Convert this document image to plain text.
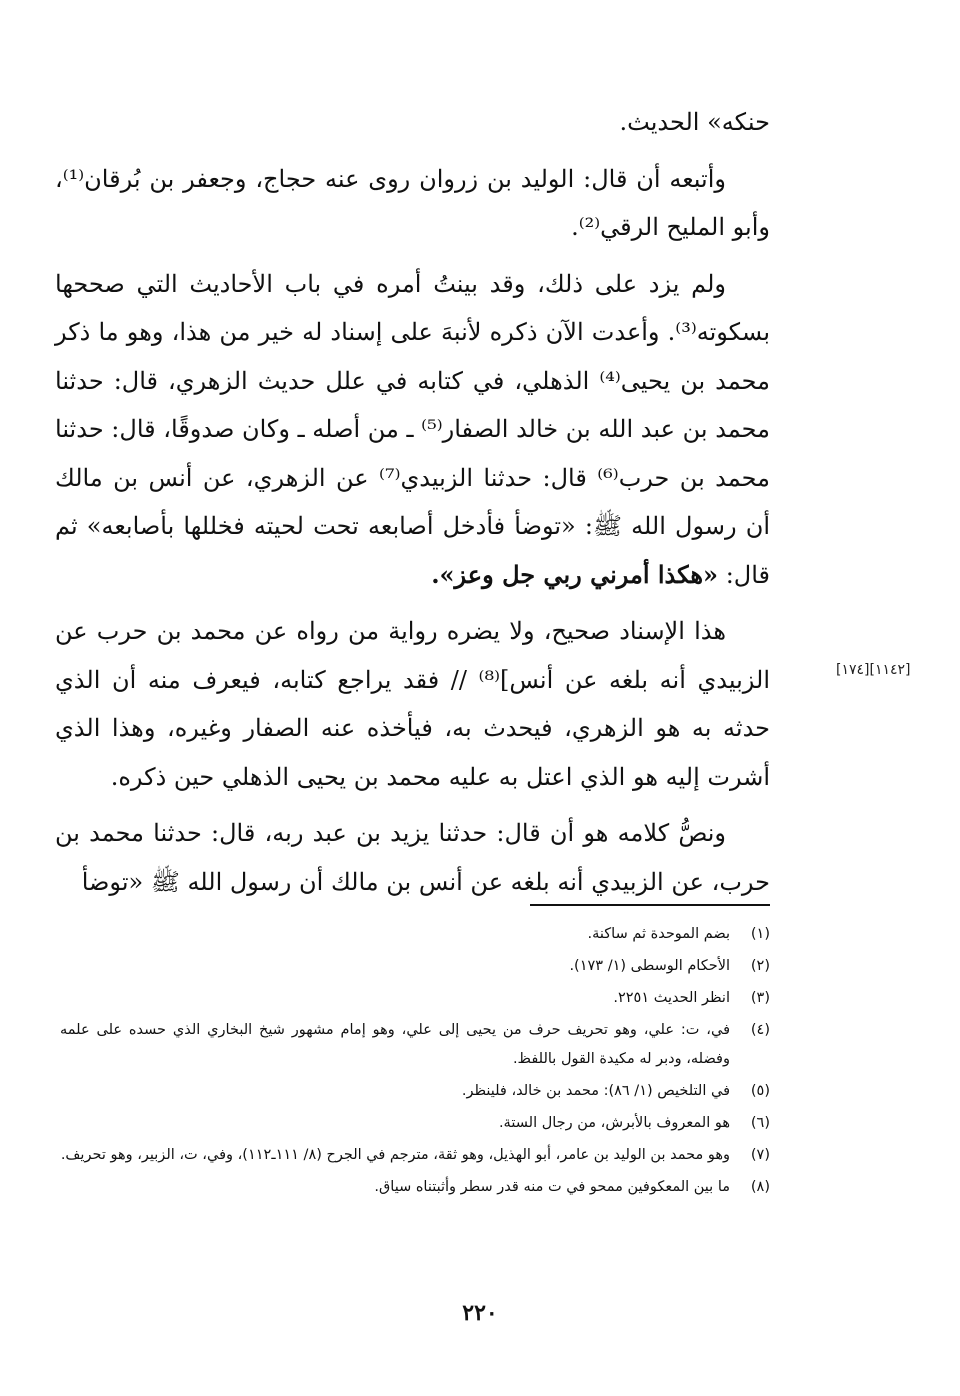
حنكه» الحديث.

وأتبعه أن قال: الوليد بن زروان روى عنه حجاج، وجعفر بن بُرقان⁽¹⁾، وأبو المليح الرقي⁽²⁾.

ولم يزد على ذلك، وقد بينتُ أمره في باب الأحاديث التي صححها بسكوته⁽³⁾. وأعدت الآن ذكره لأنبهَ على إسناد له خير من هذا، وهو ما ذكر محمد بن يحيى⁽⁴⁾ الذهلي، في كتابه في علل حديث الزهري، قال: حدثنا محمد بن عبد الله بن خالد الصفار⁽⁵⁾ ـ من أصله ـ وكان صدوقًا، قال: حدثنا محمد بن حرب⁽⁶⁾ قال: حدثنا الزبيدي⁽⁷⁾ عن الزهري، عن أنس بن مالك أن رسول الله ﷺ: «توضأ فأدخل أصابعه تحت لحيته فخللها بأصابعه» ثم قال: «هكذا أمرني ربي جل وعز».

هذا الإسناد صحيح، ولا يضره رواية من رواه عن محمد بن حرب عن الزبيدي أنه بلغه عن أنس]⁽⁸⁾ // فقد يراجع كتابه، فيعرف منه أن الذي حدثه به هو الزهري، فيحدث به، فيأخذه عنه الصفار وغيره، وهذا الذي أشرت إليه هو الذي اعتل به عليه محمد بن يحيى الذهلي حين ذكره.

ونصُّ كلامه هو أن قال: حدثنا يزيد بن عبد ربه، قال: حدثنا محمد بن حرب، عن الزبيدي أنه بلغه عن أنس بن مالك أن رسول الله ﷺ «توضأ

[١٧٤][١١٤٢]
(١)
بضم الموحدة ثم ساكنة.
(٢)
الأحكام الوسطى (١/ ١٧٣).
(٣)
انظر الحديث ٢٢٥١.
(٤)
في، ت: علي، وهو تحريف حرف من يحيى إلى علي، وهو إمام مشهور شيخ البخاري الذي حسده على علمه وفضله، ودبر له مكيدة القول باللفظ.
(٥)
في التلخيص (١/ ٨٦): محمد بن خالد، فلينظر.
(٦)
هو المعروف بالأبرش، من رجال الستة.
(٧)
وهو محمد بن الوليد بن عامر، أبو الهذيل، وهو ثقة، مترجم في الجرح (٨/ ١١١ـ١١٢)، وفي، ت، الزبير، وهو تحريف.
(٨)
ما بين المعكوفين ممحو في ت منه قدر سطر وأثبتناه سياق.
٢٢٠
